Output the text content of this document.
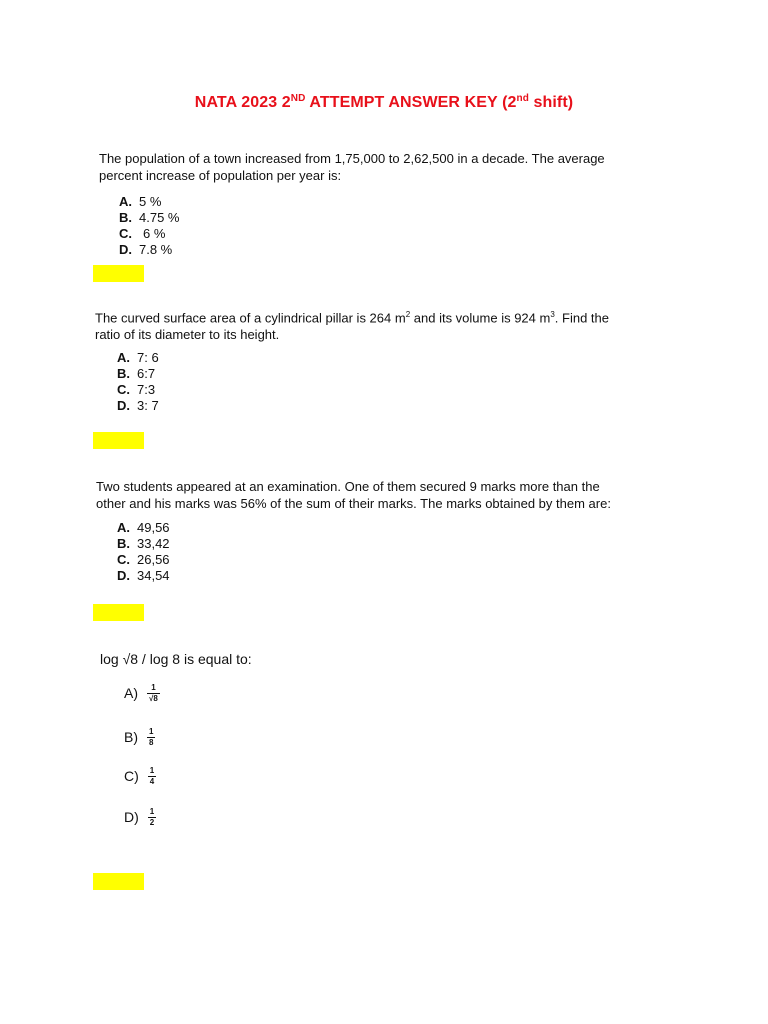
NATA 2023 2ND ATTEMPT ANSWER KEY (2nd shift)
The population of a town increased from 1,75,000 to 2,62,500 in a decade. The average
percent increase of population per year is:
A. 5 %
B. 4.75 %
C. 6 %
D. 7.8 %
The curved surface area of a cylindrical pillar is 264 $m^2$ and its volume is 924 $m^3$. Find the
ratio of its diameter to its height.
A. 7: 6
B. 6:7
C. 7:3
D. 3: 7
Two students appeared at an examination. One of them secured 9 marks more than the
other and his marks was 56% of the sum of their marks. The marks obtained by them are:
A. 49,56
B. 33,42
C. 26,56
D. 34,54
log √8 / log 8 is equal to:
$A) \frac{1}{√8}$
$B) \frac{1}{8}$
$C) \frac{1}{4}$
$D) \frac{1}{2}$
